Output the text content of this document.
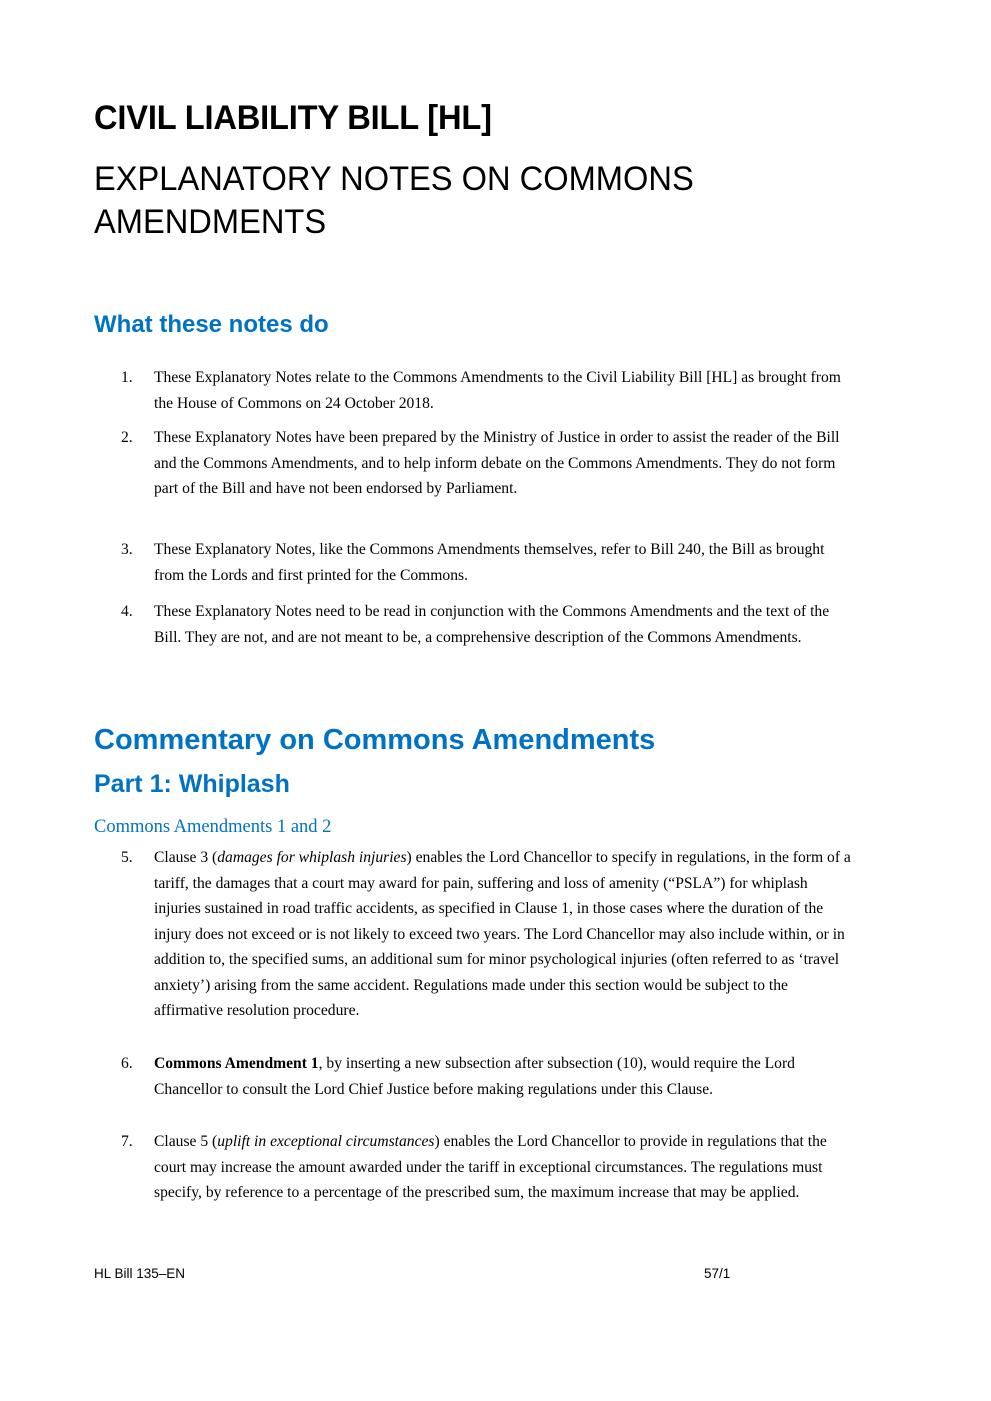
CIVIL LIABILITY BILL [HL]
EXPLANATORY NOTES ON COMMONS AMENDMENTS
What these notes do
1.	These Explanatory Notes relate to the Commons Amendments to the Civil Liability Bill [HL] as brought from the House of Commons on 24 October 2018.
2.	These Explanatory Notes have been prepared by the Ministry of Justice in order to assist the reader of the Bill and the Commons Amendments, and to help inform debate on the Commons Amendments. They do not form part of the Bill and have not been endorsed by Parliament.
3.	These Explanatory Notes, like the Commons Amendments themselves, refer to Bill 240, the Bill as brought from the Lords and first printed for the Commons.
4.	These Explanatory Notes need to be read in conjunction with the Commons Amendments and the text of the Bill. They are not, and are not meant to be, a comprehensive description of the Commons Amendments.
Commentary on Commons Amendments
Part 1: Whiplash
Commons Amendments 1 and 2
5.	Clause 3 (damages for whiplash injuries) enables the Lord Chancellor to specify in regulations, in the form of a tariff, the damages that a court may award for pain, suffering and loss of amenity (“PSLA”) for whiplash injuries sustained in road traffic accidents, as specified in Clause 1, in those cases where the duration of the injury does not exceed or is not likely to exceed two years. The Lord Chancellor may also include within, or in addition to, the specified sums, an additional sum for minor psychological injuries (often referred to as ‘travel anxiety’) arising from the same accident. Regulations made under this section would be subject to the affirmative resolution procedure.
6.	Commons Amendment 1, by inserting a new subsection after subsection (10), would require the Lord Chancellor to consult the Lord Chief Justice before making regulations under this Clause.
7.	Clause 5 (uplift in exceptional circumstances) enables the Lord Chancellor to provide in regulations that the court may increase the amount awarded under the tariff in exceptional circumstances. The regulations must specify, by reference to a percentage of the prescribed sum, the maximum increase that may be applied.
HL Bill 135–EN	57/1
